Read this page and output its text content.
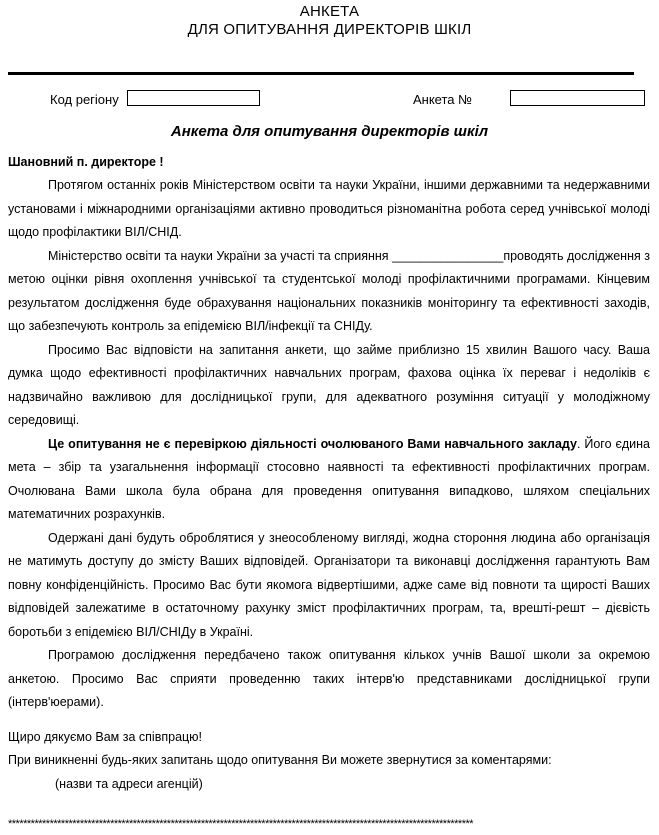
АНКЕТА
ДЛЯ ОПИТУВАННЯ ДИРЕКТОРІВ ШКІЛ
Код регіону	Анкета №
Анкета для опитування директорів шкіл
Шановний п. директоре !

Протягом останніх років Міністерством освіти та науки України, іншими державними та недержавними установами і міжнародними організаціями активно проводиться різноманітна робота серед учнівської молоді щодо профілактики ВІЛ/СНІД.

Міністерство освіти та науки України за участі та сприяння ________________проводять дослідження з метою оцінки рівня охоплення учнівської та студентської молоді профілактичними програмами. Кінцевим результатом дослідження буде обрахування національних показників моніторингу та ефективності заходів, що забезпечують контроль за епідемією ВІЛ/інфекції та СНІДу.

Просимо Вас відповісти на запитання анкети, що займе приблизно 15 хвилин Вашого часу. Ваша думка щодо ефективності профілактичних навчальних програм, фахова оцінка їх переваг і недоліків є надзвичайно важливою для дослідницької групи, для адекватного розуміння ситуації у молодіжному середовищі.

Це опитування не є перевіркою діяльності очолюваного Вами навчального закладу. Його єдина мета – збір та узагальнення інформації стосовно наявності та ефективності профілактичних програм. Очолювана Вами школа була обрана для проведення опитування випадково, шляхом спеціальних математичних розрахунків.

Одержані дані будуть оброблятися у знеособленому вигляді, жодна стороння людина або організація не матимуть доступу до змісту Ваших відповідей. Організатори та виконавці дослідження гарантують Вам повну конфіденційність. Просимо Вас бути якомога відвертішими, адже саме від повноти та щирості Ваших відповідей залежатиме в остаточному рахунку зміст профілактичних програм, та, врешті-решт – дієвість боротьби з епідемією ВІЛ/СНІДу в Україні.

Програмою дослідження передбачено також опитування кількох учнів Вашої школи за окремою анкетою. Просимо Вас сприяти проведенню таких інтерв'ю представниками дослідницької групи (інтерв'юерами).

Щиро дякуємо Вам за співпрацю!
При виникненні будь-яких запитань щодо опитування Ви можете звернутися за коментарями:
(назви та адреси агенцій)
***************************************************************************************************************************
